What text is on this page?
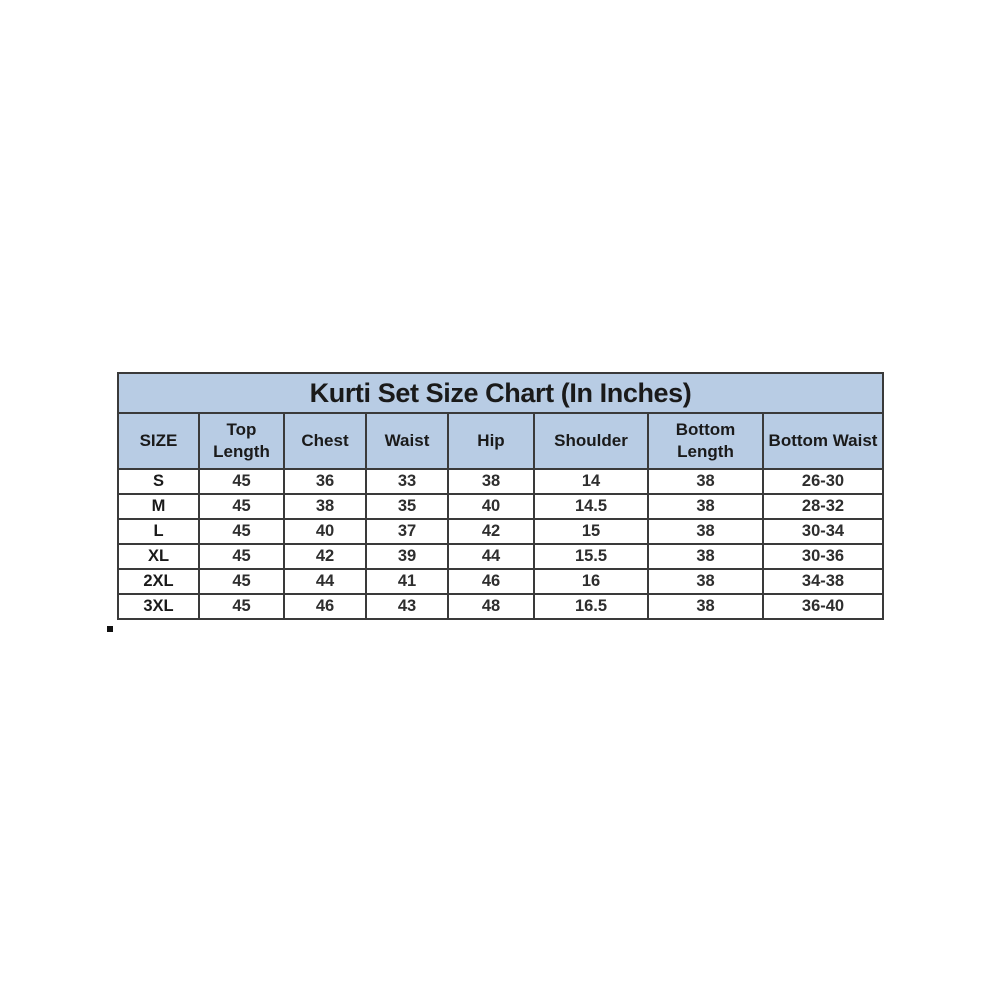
Kurti Set Size Chart (In Inches)							
SIZE	Top Length	Chest	Waist	Hip	Shoulder	Bottom Length	Bottom Waist
S	45	36	33	38	14	38	26-30
M	45	38	35	40	14.5	38	28-32
L	45	40	37	42	15	38	30-34
XL	45	42	39	44	15.5	38	30-36
2XL	45	44	41	46	16	38	34-38
3XL	45	46	43	48	16.5	38	36-40
